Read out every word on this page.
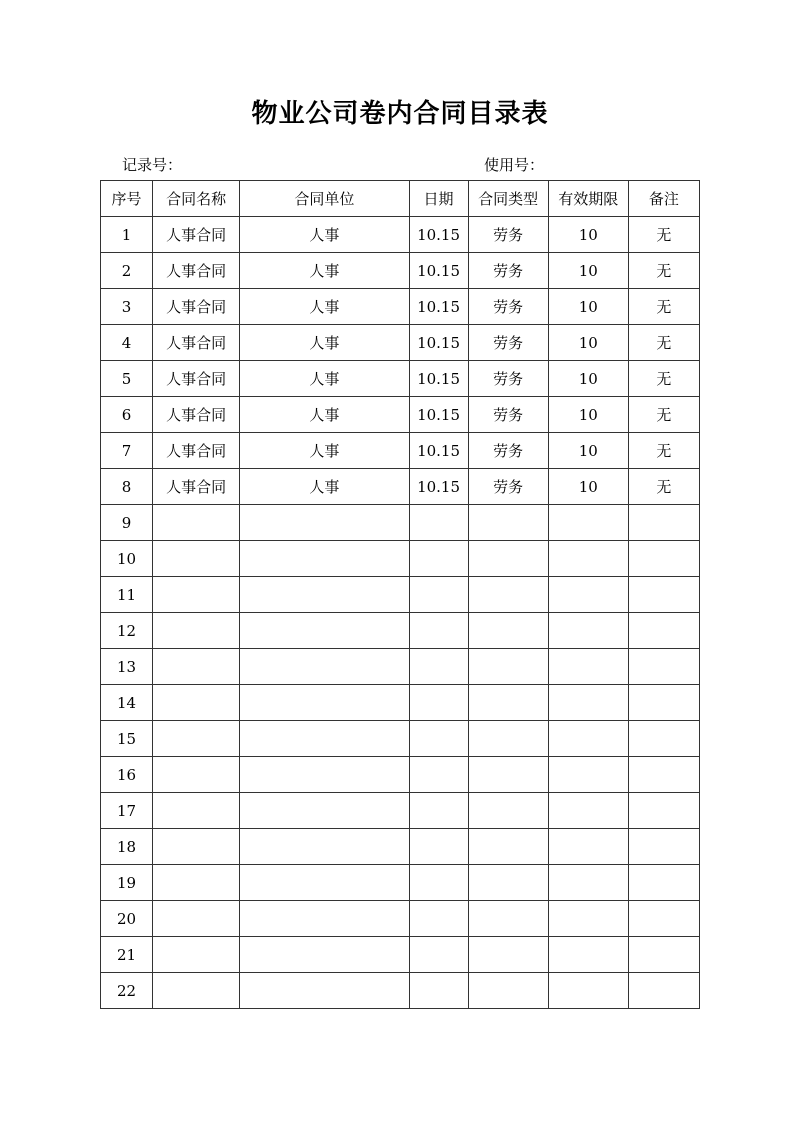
物业公司卷内合同目录表
记录号：	使用号：
序号	合同名称	合同单位	日期	合同类型	有效期限	备注
1	人事合同	人事	10.15	劳务	10	无
2	人事合同	人事	10.15	劳务	10	无
3	人事合同	人事	10.15	劳务	10	无
4	人事合同	人事	10.15	劳务	10	无
5	人事合同	人事	10.15	劳务	10	无
6	人事合同	人事	10.15	劳务	10	无
7	人事合同	人事	10.15	劳务	10	无
8	人事合同	人事	10.15	劳务	10	无
9						
10						
11						
12						
13						
14						
15						
16						
17						
18						
19						
20						
21						
22						
